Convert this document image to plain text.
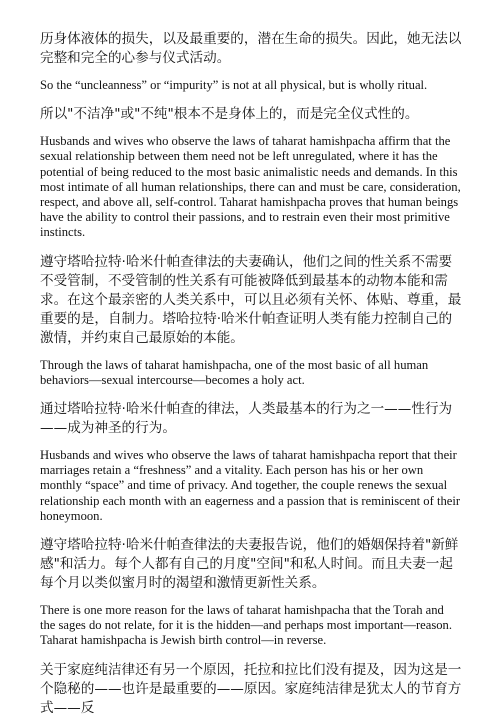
历身体液体的损失，以及最重要的，潜在生命的损失。因此，她无法以完整和完全的心参与仪式活动。

So the “uncleanness” or “impurity” is not at all physical, but is wholly ritual.

所以"不洁净"或"不纯"根本不是身体上的，而是完全仪式性的。

Husbands and wives who observe the laws of taharat hamishpacha affirm that the sexual relationship between them need not be left unregulated, where it has the potential of being reduced to the most basic animalistic needs and demands. In this most intimate of all human relationships, there can and must be care, consideration, respect, and above all, self-control. Taharat hamishpacha proves that human beings have the ability to control their passions, and to restrain even their most primitive instincts.

遵守塔哈拉特·哈米什帕查律法的夫妻确认，他们之间的性关系不需要不受管制，不受管制的性关系有可能被降低到最基本的动物本能和需求。在这个最亲密的人类关系中，可以且必须有关怀、体贴、尊重，最重要的是，自制力。塔哈拉特·哈米什帕查证明人类有能力控制自己的激情，并约束自己最原始的本能。

Through the laws of taharat hamishpacha, one of the most basic of all human behaviors—sexual intercourse—becomes a holy act.

通过塔哈拉特·哈米什帕查的律法，人类最基本的行为之一——性行为——成为神圣的行为。

Husbands and wives who observe the laws of taharat hamishpacha report that their marriages retain a “freshness” and a vitality. Each person has his or her own monthly “space” and time of privacy. And together, the couple renews the sexual relationship each month with an eagerness and a passion that is reminiscent of their honeymoon.

遵守塔哈拉特·哈米什帕查律法的夫妻报告说，他们的婚姻保持着"新鲜感"和活力。每个人都有自己的月度"空间"和私人时间。而且夫妻一起每个月以类似蜜月时的渴望和激情更新性关系。

There is one more reason for the laws of taharat hamishpacha that the Torah and the sages do not relate, for it is the hidden—and perhaps most important—reason. Taharat hamishpacha is Jewish birth control—in reverse.

关于家庭纯洁律还有另一个原因，托拉和拉比们没有提及，因为这是一个隐秘的——也许是最重要的——原因。家庭纯洁律是犹太人的节育方式——反
